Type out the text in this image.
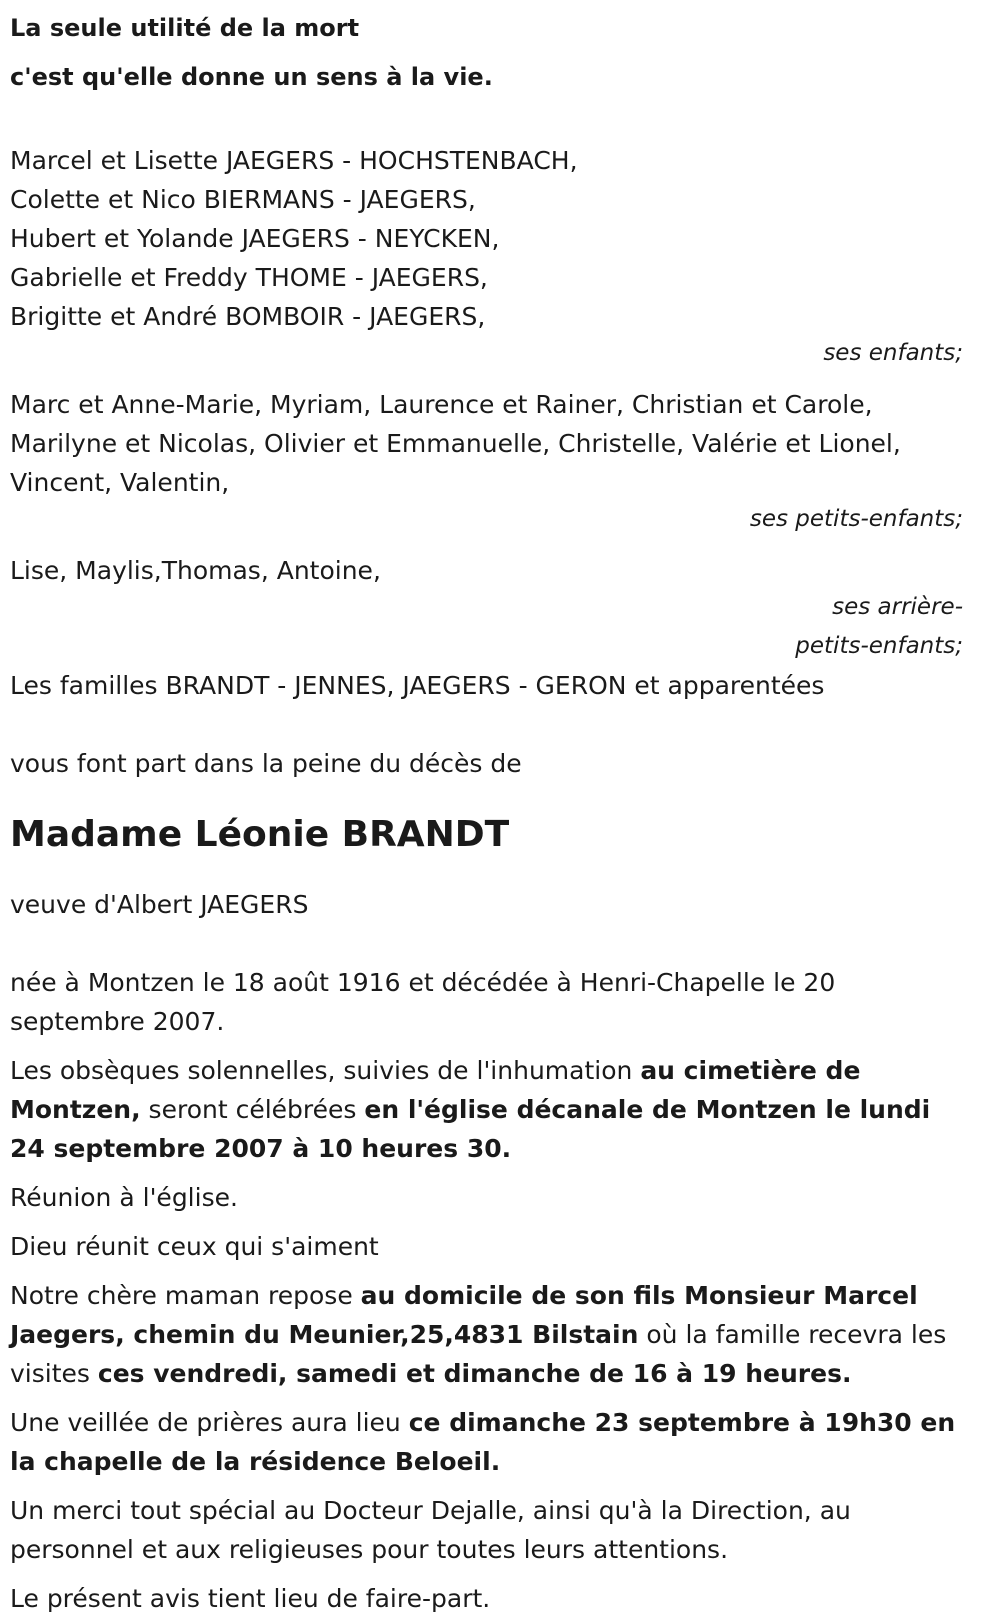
La seule utilité de la mort

c'est qu'elle donne un sens à la vie.

Marcel et Lisette JAEGERS - HOCHSTENBACH,

Colette et Nico BIERMANS - JAEGERS,

Hubert et Yolande JAEGERS - NEYCKEN,

Gabrielle et Freddy THOME - JAEGERS,

Brigitte et André BOMBOIR - JAEGERS,

ses enfants;

Marc et Anne-Marie, Myriam, Laurence et Rainer, Christian et Carole,

Marilyne et Nicolas, Olivier et Emmanuelle, Christelle, Valérie et Lionel,

Vincent, Valentin,

ses petits-enfants;

Lise, Maylis,Thomas, Antoine,

ses arrière-petits-enfants;

Les familles BRANDT - JENNES, JAEGERS - GERON et apparentées

vous font part dans la peine du décès de

Madame Léonie BRANDT

veuve d'Albert JAEGERS

née à Montzen le 18 août 1916 et décédée à Henri-Chapelle le 20 septembre 2007.

Les obsèques solennelles, suivies de l'inhumation au cimetière de Montzen, seront célébrées en l'église décanale de Montzen le lundi 24 septembre 2007 à 10 heures 30.

Réunion à l'église.

Dieu réunit ceux qui s'aiment

Notre chère maman repose au domicile de son fils Monsieur Marcel Jaegers, chemin du Meunier,25,4831 Bilstain où la famille recevra les visites ces vendredi, samedi et dimanche de 16 à 19 heures.

Une veillée de prières aura lieu ce dimanche 23 septembre à 19h30 en la chapelle de la résidence Beloeil.

Un merci tout spécial au Docteur Dejalle, ainsi qu'à la Direction, au personnel et aux religieuses pour toutes leurs attentions.

Le présent avis tient lieu de faire-part.
